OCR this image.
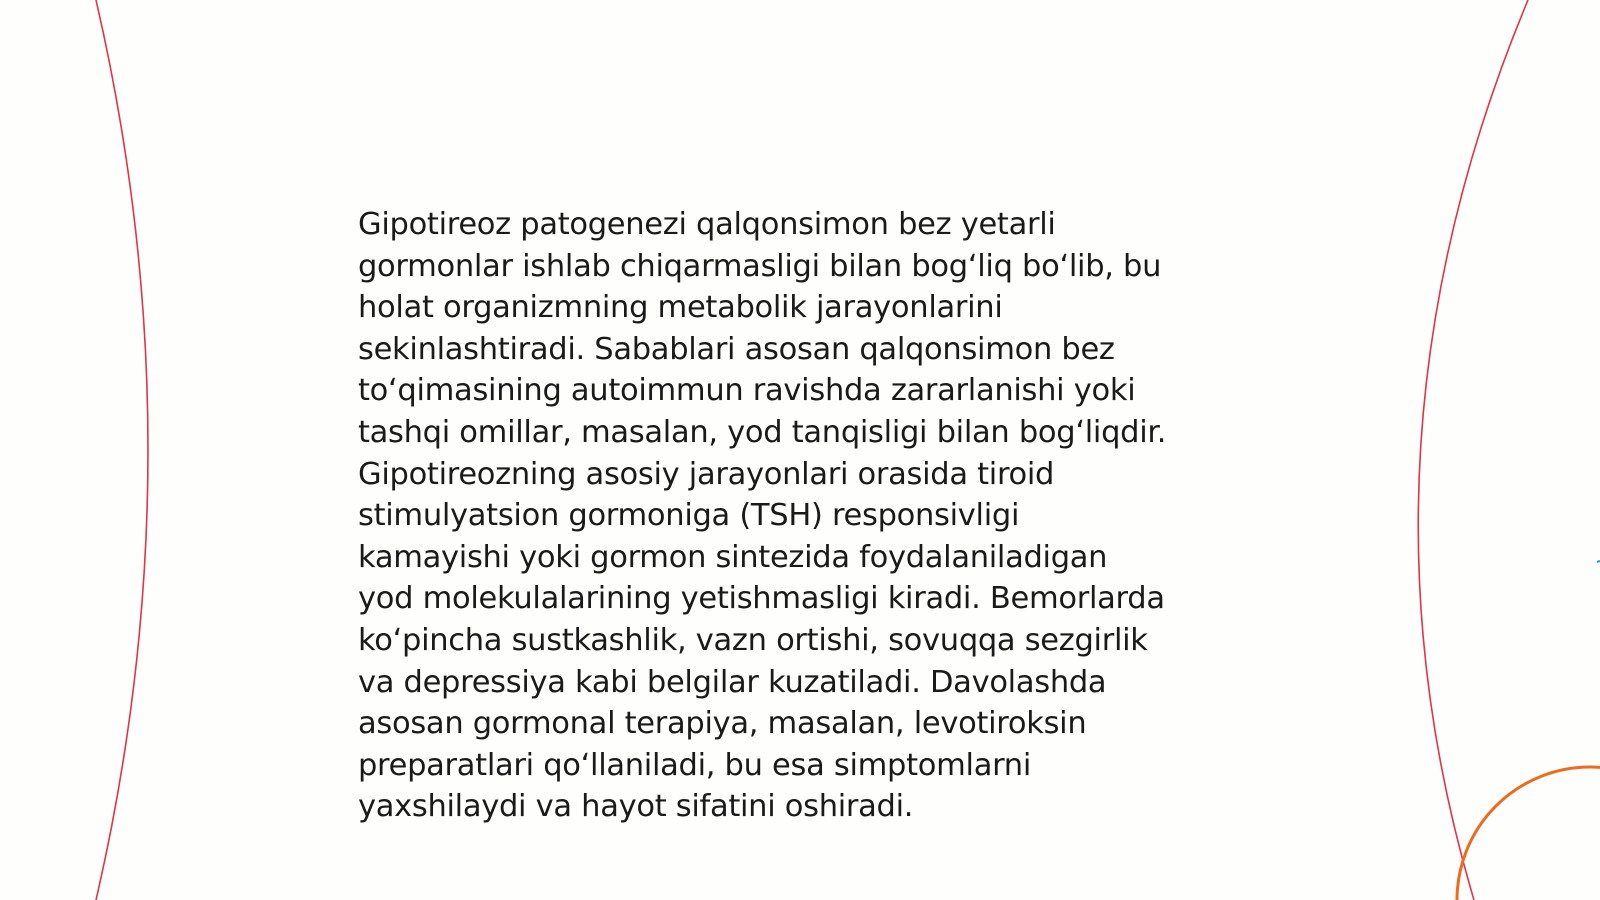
Gipotireoz patogenezi qalqonsimon bez yetarli
gormonlar ishlab chiqarmasligi bilan bog‘liq bo‘lib, bu
holat organizmning metabolik jarayonlarini
sekinlashtiradi. Sabablari asosan qalqonsimon bez
to‘qimasining autoimmun ravishda zararlanishi yoki
tashqi omillar, masalan, yod tanqisligi bilan bog‘liqdir.
Gipotireozning asosiy jarayonlari orasida tiroid
stimulyatsion gormoniga (TSH) responsivligi
kamayishi yoki gormon sintezida foydalaniladigan
yod molekulalarining yetishmasligi kiradi. Bemorlarda
ko‘pincha sustkashlik, vazn ortishi, sovuqqa sezgirlik
va depressiya kabi belgilar kuzatiladi. Davolashda
asosan gormonal terapiya, masalan, levotiroksin
preparatlari qo‘llaniladi, bu esa simptomlarni
yaxshilaydi va hayot sifatini oshiradi.
